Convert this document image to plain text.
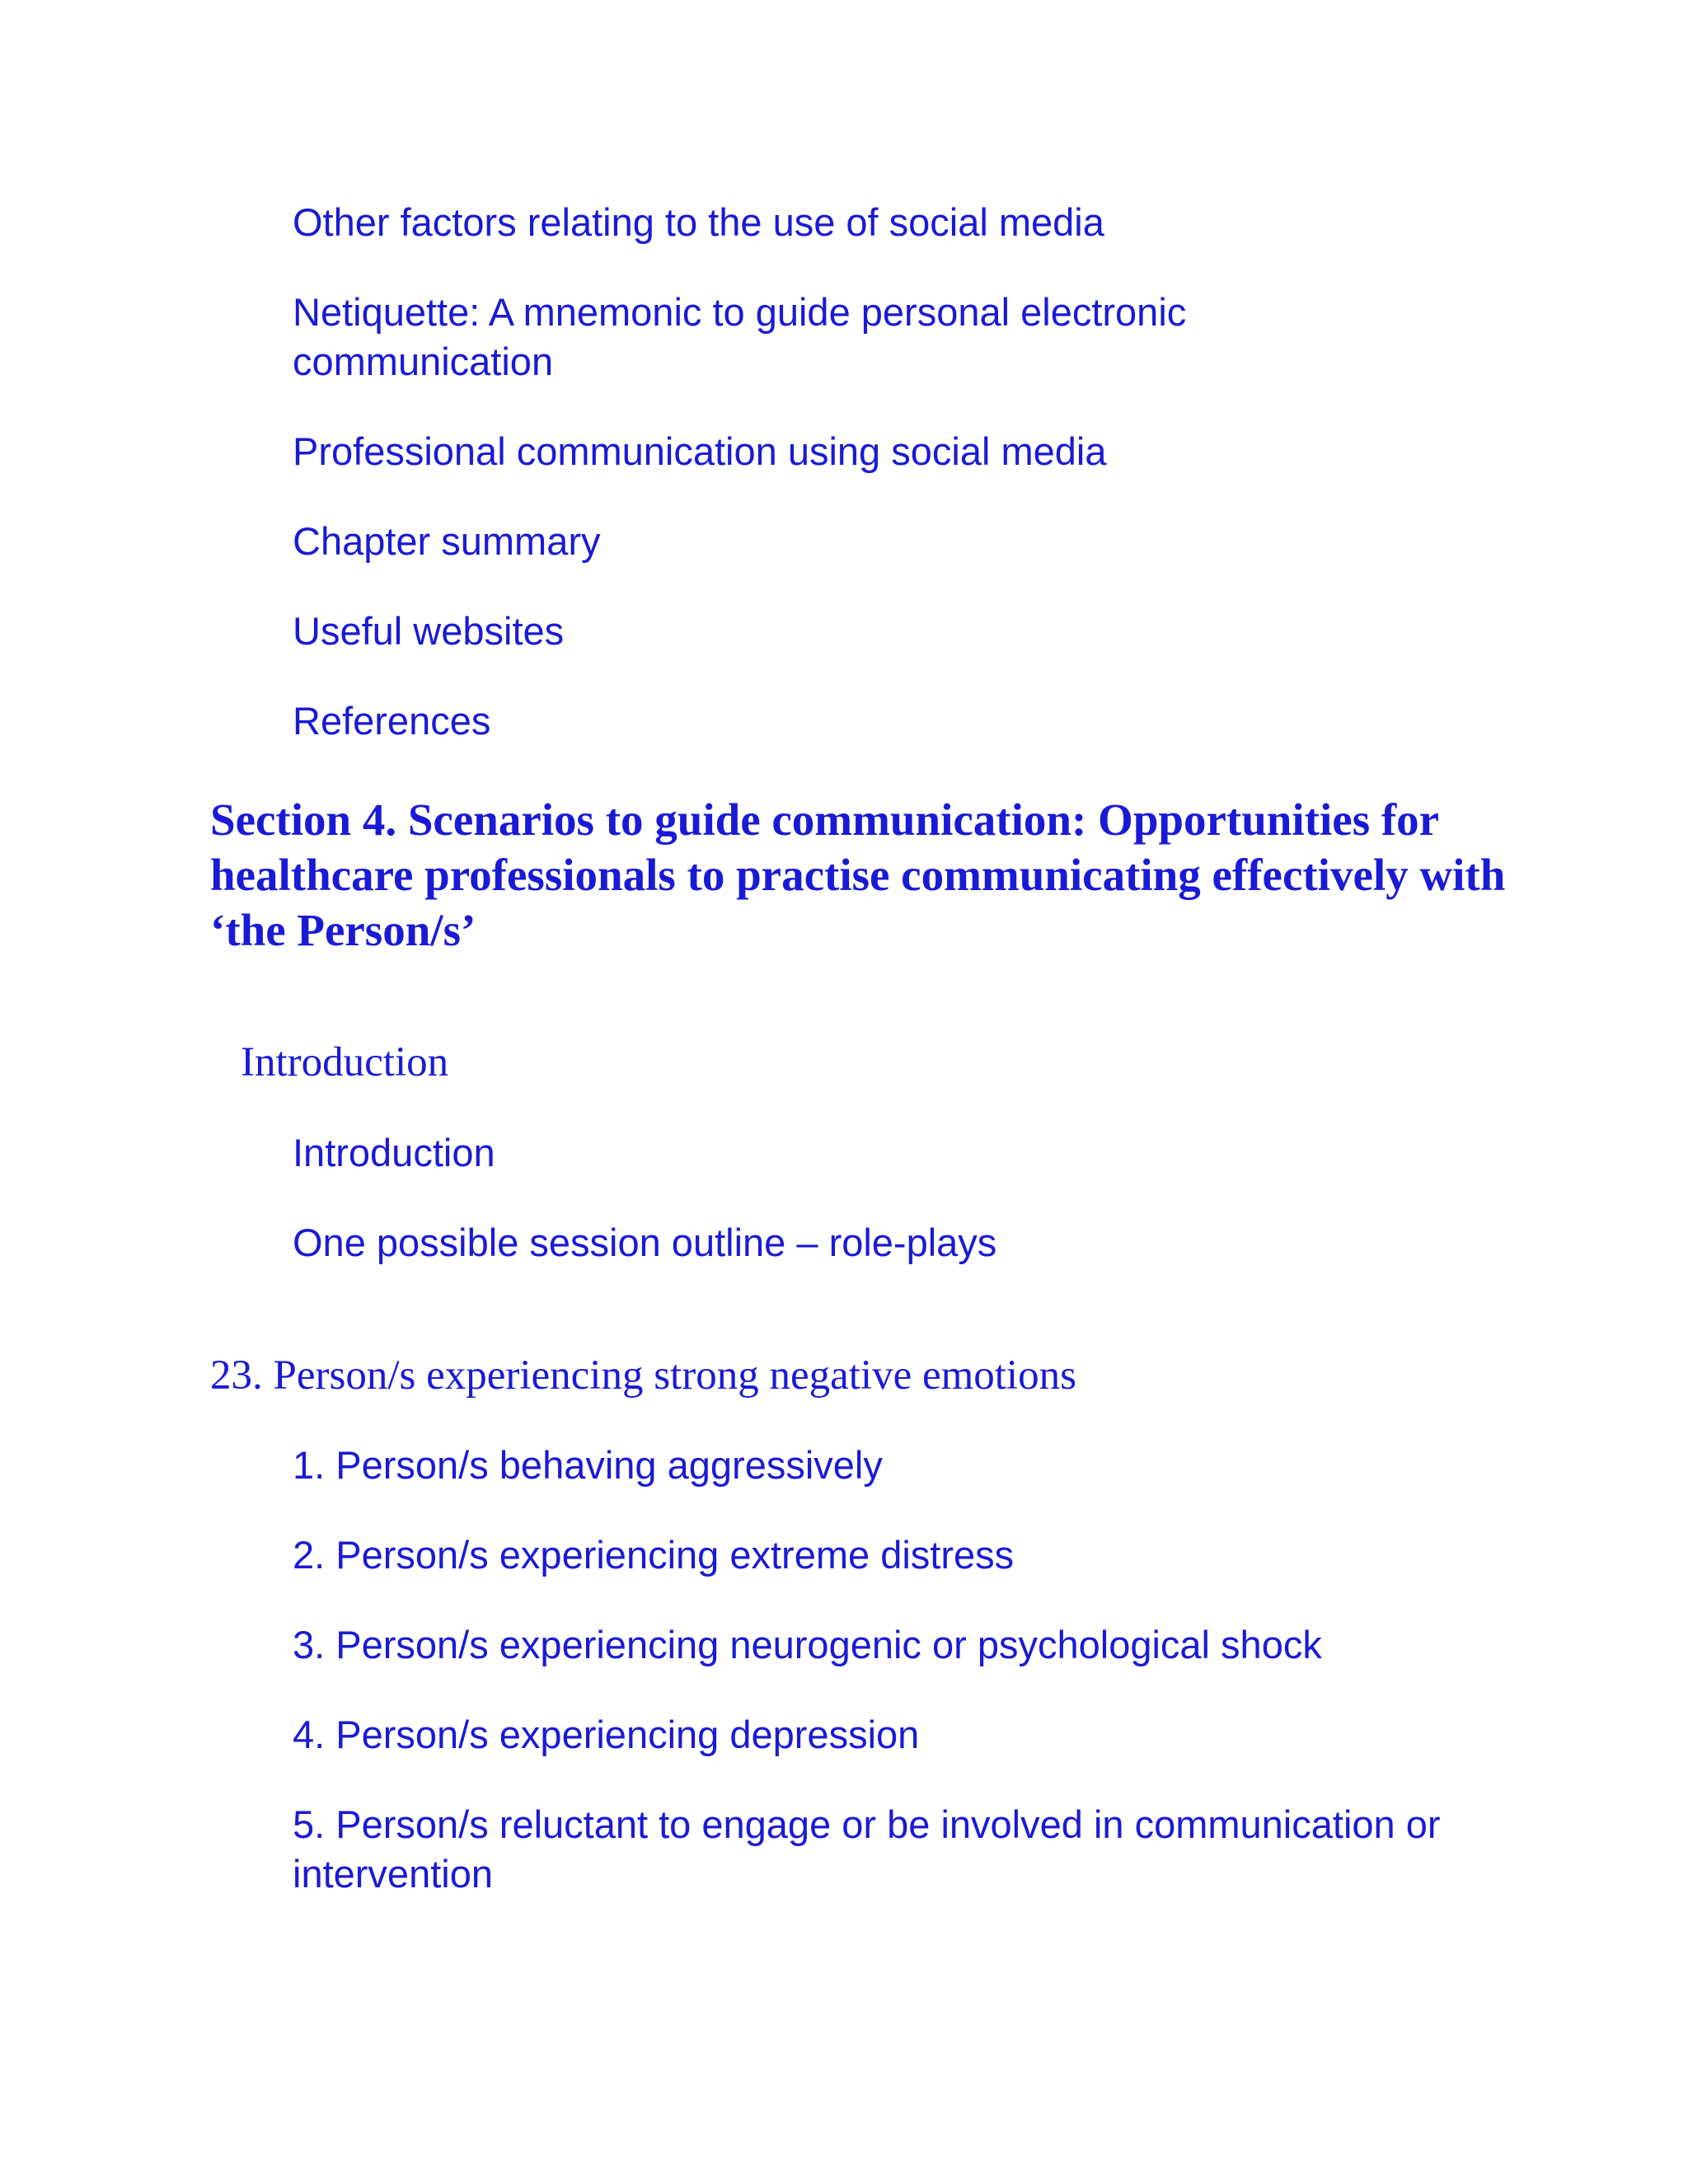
Other factors relating to the use of social media
Netiquette: A mnemonic to guide personal electronic communication
Professional communication using social media
Chapter summary
Useful websites
References
Section 4. Scenarios to guide communication: Opportunities for healthcare professionals to practise communicating effectively with ‘the Person/s’
Introduction
Introduction
One possible session outline – role-plays
23. Person/s experiencing strong negative emotions
1. Person/s behaving aggressively
2. Person/s experiencing extreme distress
3. Person/s experiencing neurogenic or psychological shock
4. Person/s experiencing depression
5. Person/s reluctant to engage or be involved in communication or intervention
